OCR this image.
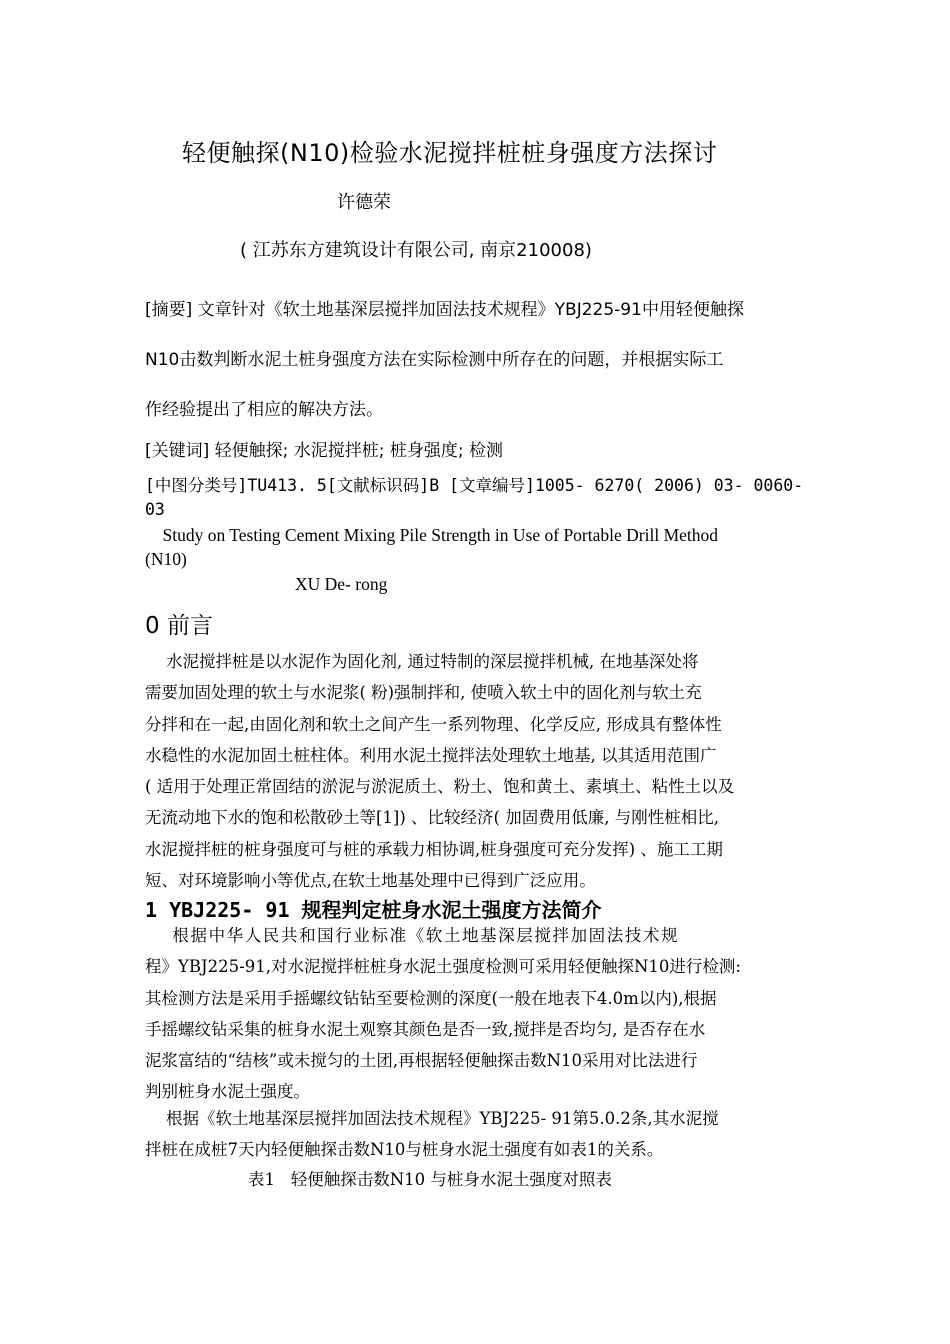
轻便触探(N10)检验水泥搅拌桩桩身强度方法探讨
许德荣
( 江苏东方建筑设计有限公司, 南京210008)
[摘要] 文章针对《软土地基深层搅拌加固法技术规程》YBJ225-91中用轻便触探
N10击数判断水泥土桩身强度方法在实际检测中所存在的问题，并根据实际工
作经验提出了相应的解决方法。
[关键词] 轻便触探; 水泥搅拌桩; 桩身强度; 检测
[中图分类号]TU413. 5[文献标识码]B [文章编号]1005- 6270( 2006) 03- 0060-
03
Study on Testing Cement Mixing Pile Strength in Use of Portable Drill Method
(N10)
XU De- rong
0 前言
水泥搅拌桩是以水泥作为固化剂, 通过特制的深层搅拌机械, 在地基深处将
需要加固处理的软土与水泥浆( 粉)强制拌和, 使喷入软土中的固化剂与软土充
分拌和在一起,由固化剂和软土之间产生一系列物理、化学反应, 形成具有整体性
水稳性的水泥加固土桩柱体。利用水泥土搅拌法处理软土地基, 以其适用范围广
( 适用于处理正常固结的淤泥与淤泥质土、粉土、饱和黄土、素填土、粘性土以及
无流动地下水的饱和松散砂土等[1]) 、比较经济( 加固费用低廉, 与刚性桩相比,
水泥搅拌桩的桩身强度可与桩的承载力相协调,桩身强度可充分发挥) 、施工工期
短、对环境影响小等优点,在软土地基处理中已得到广泛应用。
1 YBJ225- 91 规程判定桩身水泥土强度方法简介
根据中华人民共和国行业标准《软土地基深层搅拌加固法技术规
程》YBJ225-91,对水泥搅拌桩桩身水泥土强度检测可采用轻便触探N10进行检测:
其检测方法是采用手摇螺纹钻钻至要检测的深度(一般在地表下4.0m以内),根据
手摇螺纹钻采集的桩身水泥土观察其颜色是否一致,搅拌是否均匀, 是否存在水
泥浆富结的“结核”或未搅匀的土团,再根据轻便触探击数N10采用对比法进行
判别桩身水泥土强度。
根据《软土地基深层搅拌加固法技术规程》YBJ225- 91第5.0.2条,其水泥搅
拌桩在成桩7天内轻便触探击数N10与桩身水泥土强度有如表1的关系。
表1   轻便触探击数N10 与桩身水泥土强度对照表
